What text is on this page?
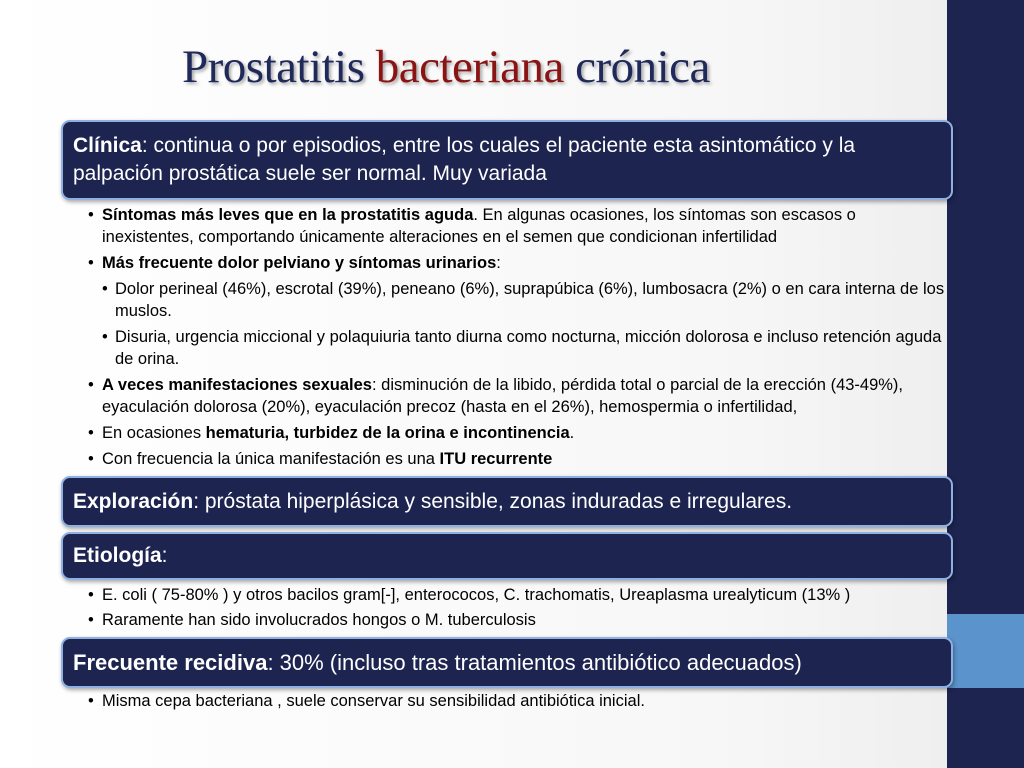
Prostatitis bacteriana crónica
Clínica: continua o por episodios, entre los cuales el paciente esta asintomático y la palpación prostática suele ser normal. Muy variada
• Síntomas más leves que en la prostatitis aguda. En algunas ocasiones, los síntomas son escasos o inexistentes, comportando únicamente alteraciones en el semen que condicionan infertilidad
• Más frecuente dolor pelviano y síntomas urinarios:
• Dolor perineal (46%), escrotal (39%), peneano (6%), suprapúbica (6%), lumbosacra (2%) o en cara interna de los muslos.
• Disuria, urgencia miccional y polaquiuria tanto diurna como nocturna, micción dolorosa e incluso retención aguda de orina.
• A veces manifestaciones sexuales: disminución de la libido, pérdida total o parcial de la erección (43-49%), eyaculación dolorosa (20%), eyaculación precoz (hasta en el 26%), hemospermia o infertilidad,
• En ocasiones hematuria, turbidez de la orina e incontinencia.
• Con frecuencia la única manifestación es una ITU recurrente
Exploración: próstata hiperplásica y sensible, zonas induradas e irregulares.
Etiología:
• E. coli ( 75-80% ) y otros bacilos gram[-], enterococos, C. trachomatis, Ureaplasma urealyticum (13% )
• Raramente han sido involucrados hongos o M. tuberculosis
Frecuente recidiva: 30% (incluso tras tratamientos antibiótico adecuados)
• Misma cepa bacteriana , suele conservar su sensibilidad antibiótica inicial.
